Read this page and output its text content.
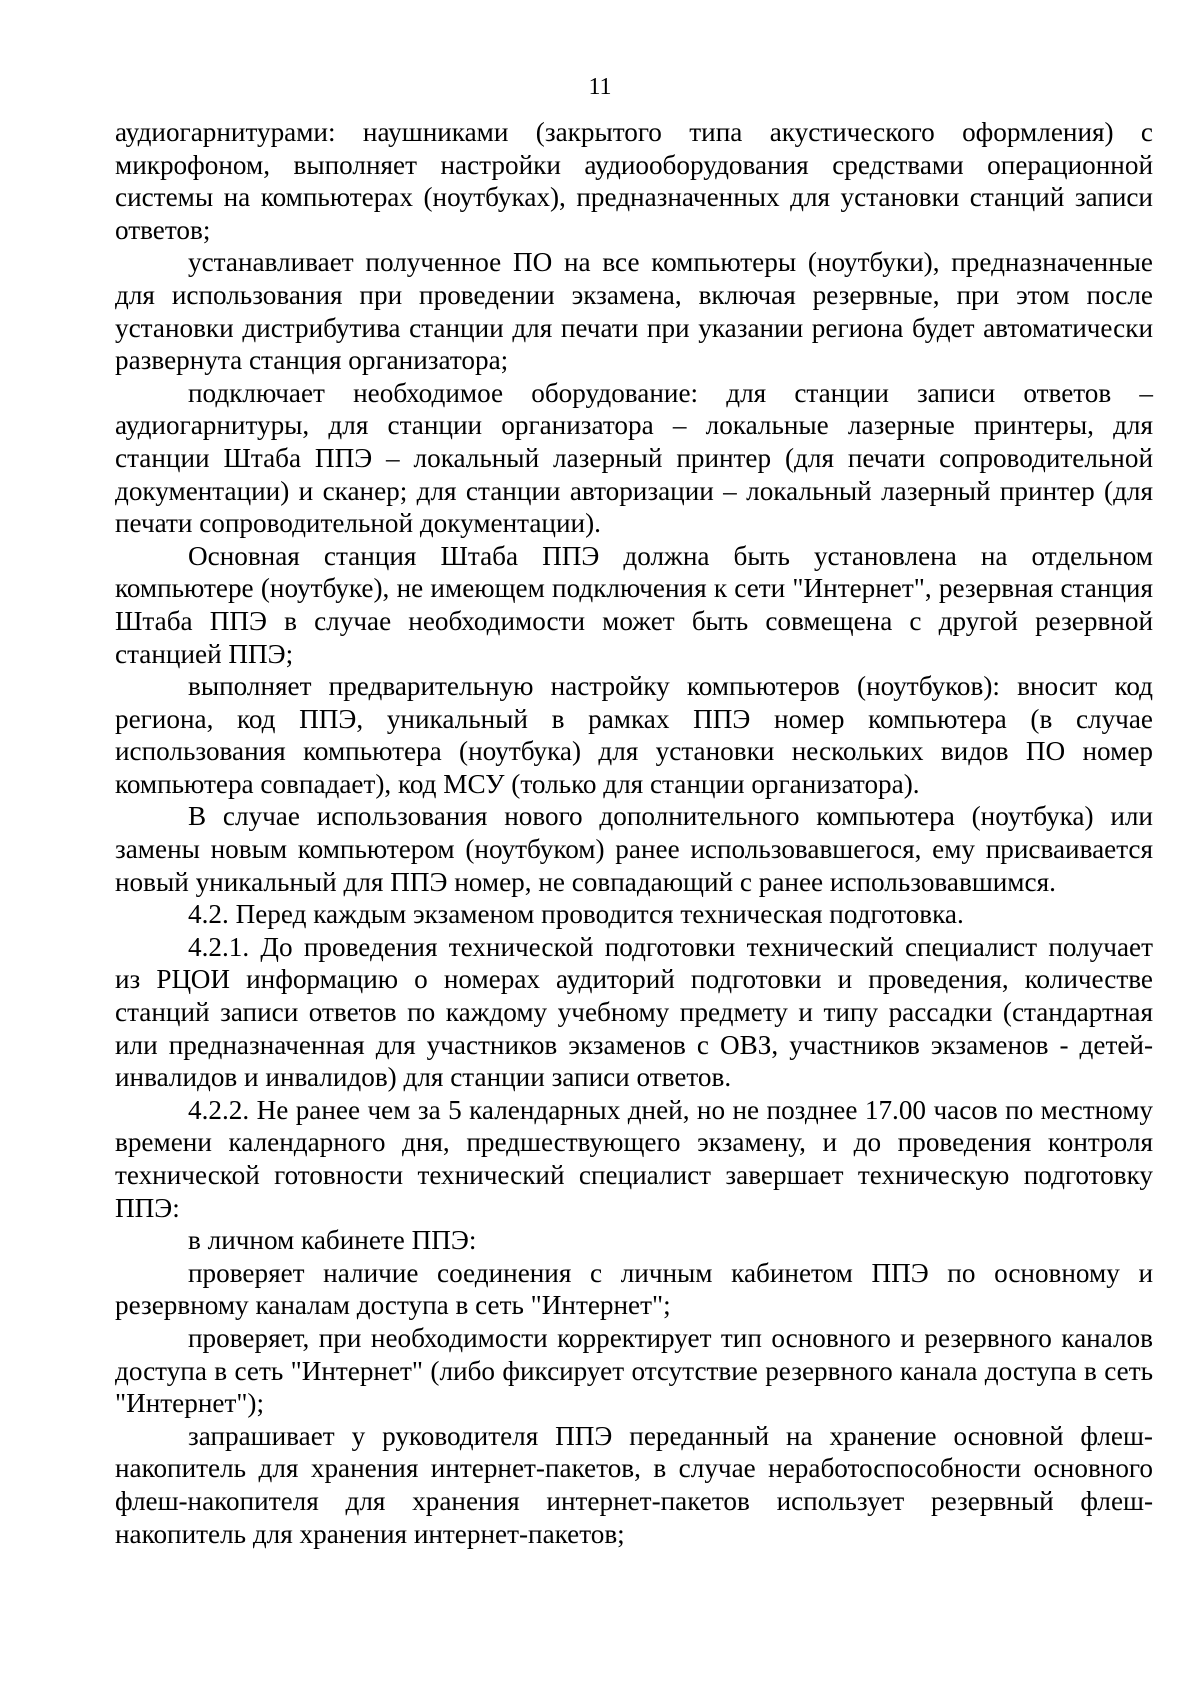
11

аудиогарнитурами: наушниками (закрытого типа акустического оформления) с микрофоном, выполняет настройки аудиооборудования средствами операционной системы на компьютерах (ноутбуках), предназначенных для установки станций записи ответов;

устанавливает полученное ПО на все компьютеры (ноутбуки), предназначенные для использования при проведении экзамена, включая резервные, при этом после установки дистрибутива станции для печати при указании региона будет автоматически развернута станция организатора;

подключает необходимое оборудование: для станции записи ответов – аудиогарнитуры, для станции организатора – локальные лазерные принтеры, для станции Штаба ППЭ – локальный лазерный принтер (для печати сопроводительной документации) и сканер; для станции авторизации – локальный лазерный принтер (для печати сопроводительной документации).

Основная станция Штаба ППЭ должна быть установлена на отдельном компьютере (ноутбуке), не имеющем подключения к сети "Интернет", резервная станция Штаба ППЭ в случае необходимости может быть совмещена с другой резервной станцией ППЭ;

выполняет предварительную настройку компьютеров (ноутбуков): вносит код региона, код ППЭ, уникальный в рамках ППЭ номер компьютера (в случае использования компьютера (ноутбука) для установки нескольких видов ПО номер компьютера совпадает), код МСУ (только для станции организатора).

В случае использования нового дополнительного компьютера (ноутбука) или замены новым компьютером (ноутбуком) ранее использовавшегося, ему присваивается новый уникальный для ППЭ номер, не совпадающий с ранее использовавшимся.

4.2. Перед каждым экзаменом проводится техническая подготовка.

4.2.1. До проведения технической подготовки технический специалист получает из РЦОИ информацию о номерах аудиторий подготовки и проведения, количестве станций записи ответов по каждому учебному предмету и типу рассадки (стандартная или предназначенная для участников экзаменов с ОВЗ, участников экзаменов - детей-инвалидов и инвалидов) для станции записи ответов.

4.2.2. Не ранее чем за 5 календарных дней, но не позднее 17.00 часов по местному времени календарного дня, предшествующего экзамену, и до проведения контроля технической готовности технический специалист завершает техническую подготовку ППЭ:

в личном кабинете ППЭ:

проверяет наличие соединения с личным кабинетом ППЭ по основному и резервному каналам доступа в сеть "Интернет";

проверяет, при необходимости корректирует тип основного и резервного каналов доступа в сеть "Интернет" (либо фиксирует отсутствие резервного канала доступа в сеть "Интернет");

запрашивает у руководителя ППЭ переданный на хранение основной флеш-накопитель для хранения интернет-пакетов, в случае неработоспособности основного флеш-накопителя для хранения интернет-пакетов использует резервный флеш-накопитель для хранения интернет-пакетов;
